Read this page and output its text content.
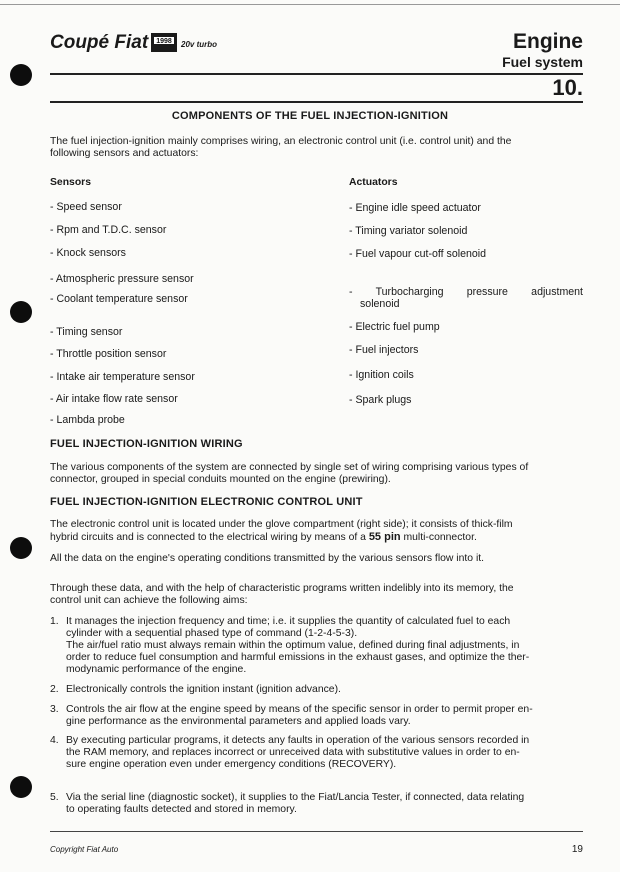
Coupé Fiat	1998	20v turbo	Engine
Fuel system
10.
COMPONENTS OF THE FUEL INJECTION-IGNITION
The fuel injection-ignition mainly comprises wiring, an electronic control unit (i.e. control unit) and the
following sensors and actuators:
Sensors
- Speed sensor
- Rpm and T.D.C. sensor
- Knock sensors
- Atmospheric pressure sensor
- Coolant temperature sensor
- Timing sensor
- Throttle position sensor
- Intake air temperature sensor
- Air intake flow rate sensor
- Lambda probe
Actuators
- Engine idle speed actuator
- Timing variator solenoid
- Fuel vapour cut-off solenoid
- Turbocharging pressure adjustment
solenoid
- Electric fuel pump
- Fuel injectors
- Ignition coils
- Spark plugs
FUEL INJECTION-IGNITION WIRING
The various components of the system are connected by single set of wiring comprising various types of
connector, grouped in special conduits mounted on the engine (prewiring).
FUEL INJECTION-IGNITION ELECTRONIC CONTROL UNIT
The electronic control unit is located under the glove compartment (right side); it consists of thick-film
hybrid circuits and is connected to the electrical wiring by means of a 55 pin multi-connector.
All the data on the engine's operating conditions transmitted by the various sensors flow into it.
Through these data, and with the help of characteristic programs written indelibly into its memory, the
control unit can achieve the following aims:
1. It manages the injection frequency and time; i.e. it supplies the quantity of calculated fuel to each
cylinder with a sequential phased type of command (1-2-4-5-3).
The air/fuel ratio must always remain within the optimum value, defined during final adjustments, in
order to reduce fuel consumption and harmful emissions in the exhaust gases, and optimize the ther-
modynamic performance of the engine.
2. Electronically controls the ignition instant (ignition advance).
3. Controls the air flow at the engine speed by means of the specific sensor in order to permit proper en-
gine performance as the environmental parameters and applied loads vary.
4. By executing particular programs, it detects any faults in operation of the various sensors recorded in
the RAM memory, and replaces incorrect or unreceived data with substitutive values in order to en-
sure engine operation even under emergency conditions (RECOVERY).
5. Via the serial line (diagnostic socket), it supplies to the Fiat/Lancia Tester, if connected, data relating
to operating faults detected and stored in memory.
Copyright Fiat Auto	19
